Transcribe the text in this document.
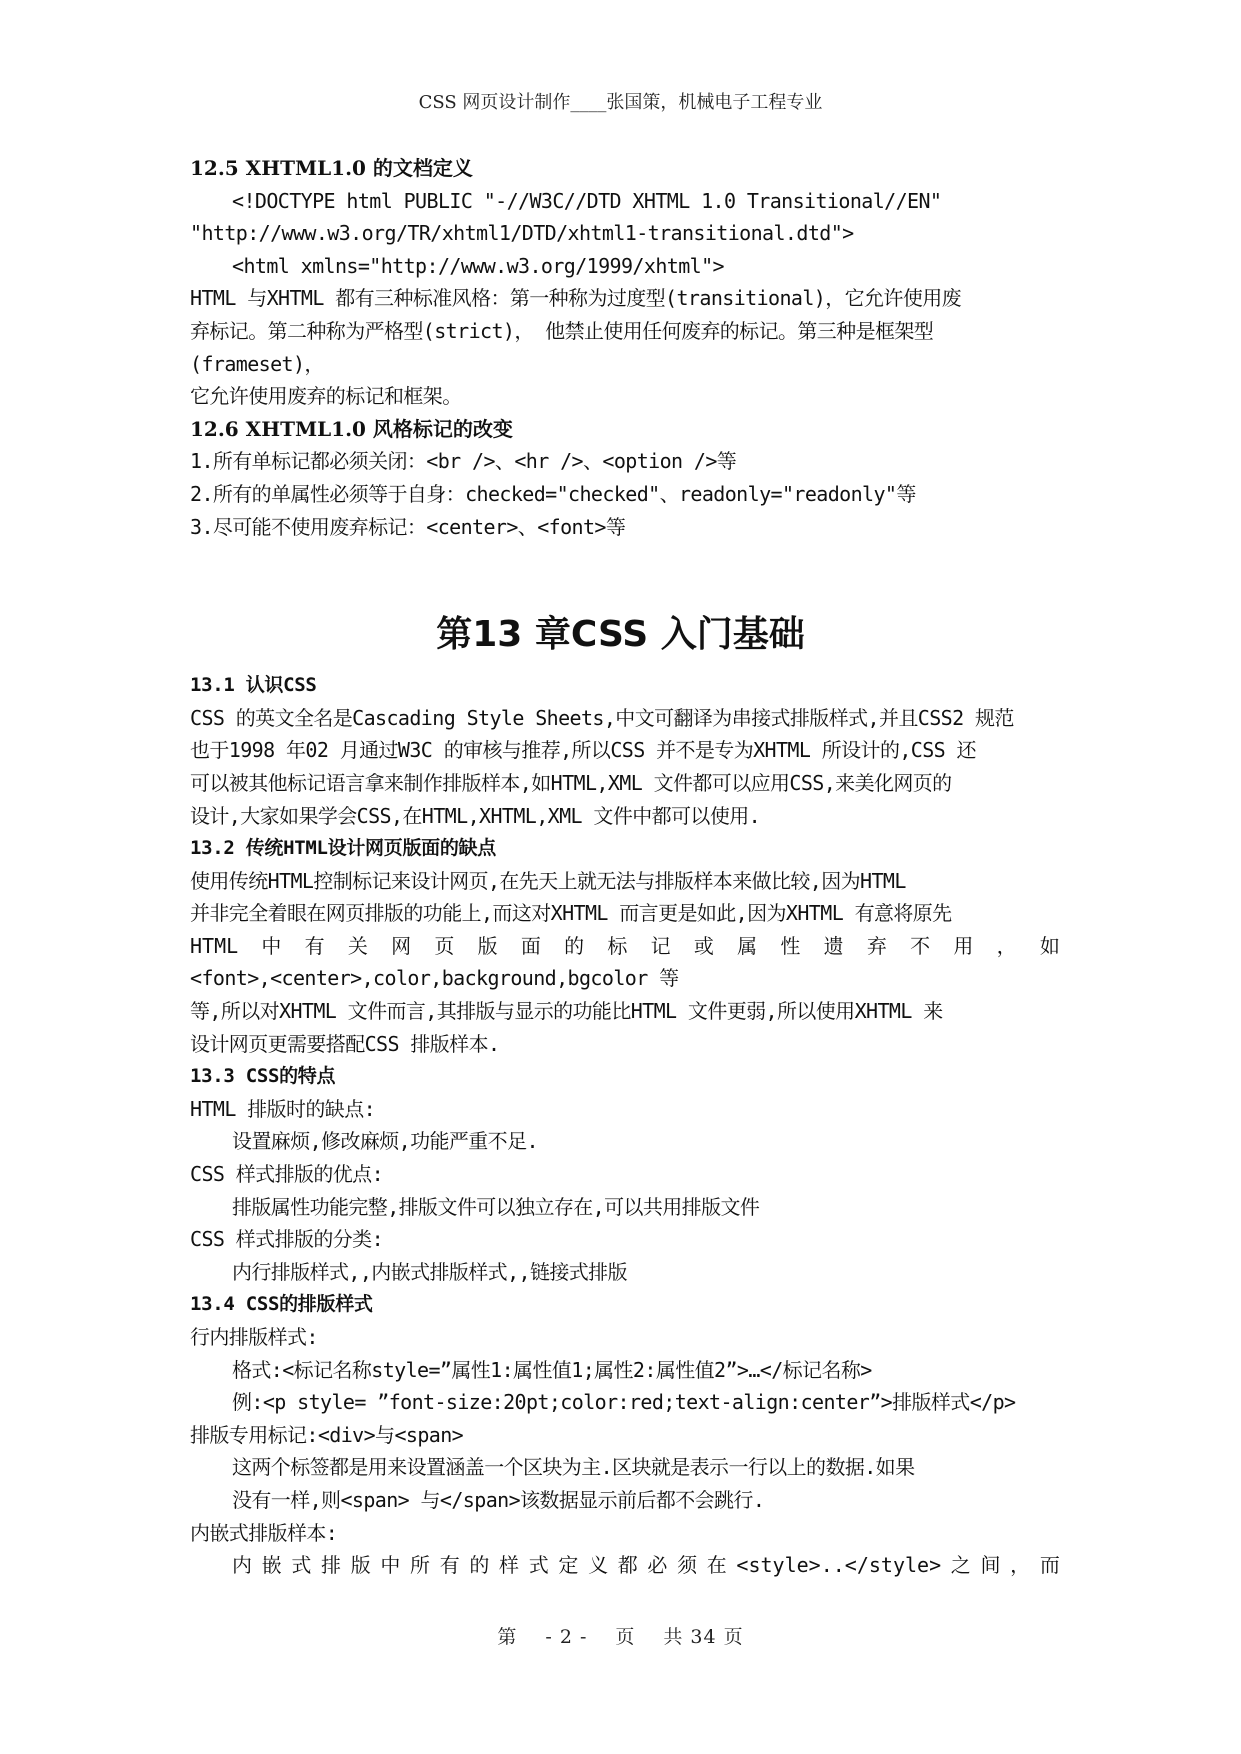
CSS 网页设计制作____张国策，机械电子工程专业
12.5 XHTML1.0 的文档定义
<!DOCTYPE html PUBLIC "-//W3C//DTD XHTML 1.0 Transitional//EN"
"http://www.w3.org/TR/xhtml1/DTD/xhtml1-transitional.dtd">
<html xmlns="http://www.w3.org/1999/xhtml">
HTML 与XHTML 都有三种标准风格：第一种称为过度型(transitional)，它允许使用废
弃标记。第二种称为严格型(strict)， 他禁止使用任何废弃的标记。第三种是框架型
(frameset)，
它允许使用废弃的标记和框架。
12.6 XHTML1.0 风格标记的改变
1.所有单标记都必须关闭：<br />、<hr />、<option />等
2.所有的单属性必须等于自身：checked="checked"、readonly="readonly"等
3.尽可能不使用废弃标记：<center>、<font>等
第13 章CSS 入门基础
13.1 认识CSS
CSS 的英文全名是Cascading Style Sheets,中文可翻译为串接式排版样式,并且CSS2 规范
也于1998 年02 月通过W3C 的审核与推荐,所以CSS 并不是专为XHTML 所设计的,CSS 还
可以被其他标记语言拿来制作排版样本,如HTML,XML 文件都可以应用CSS,来美化网页的
设计,大家如果学会CSS,在HTML,XHTML,XML 文件中都可以使用.
13.2 传统HTML设计网页版面的缺点
使用传统HTML控制标记来设计网页,在先天上就无法与排版样本来做比较,因为HTML
并非完全着眼在网页排版的功能上,而这对XHTML 而言更是如此,因为XHTML 有意将原先
HTML 中 有 关 网 页 版 面 的 标 记 或 属 性 遗 弃 不 用 ， 如
<font>,<center>,color,background,bgcolor 等
等,所以对XHTML 文件而言,其排版与显示的功能比HTML 文件更弱,所以使用XHTML 来
设计网页更需要搭配CSS 排版样本.
13.3 CSS的特点
HTML 排版时的缺点:
设置麻烦,修改麻烦,功能严重不足.
CSS 样式排版的优点:
排版属性功能完整,排版文件可以独立存在,可以共用排版文件
CSS 样式排版的分类:
内行排版样式,,内嵌式排版样式,,链接式排版
13.4 CSS的排版样式
行内排版样式:
格式:<标记名称style=”属性1:属性值1;属性2:属性值2”>…</标记名称>
例:<p style= ”font-size:20pt;color:red;text-align:center”>排版样式</p>
排版专用标记:<div>与<span>
这两个标签都是用来设置涵盖一个区块为主.区块就是表示一行以上的数据.如果
没有一样,则<span> 与</span>该数据显示前后都不会跳行.
内嵌式排版样本:
内 嵌 式 排 版 中 所 有 的 样 式 定 义 都 必 须 在 <style>..</style> 之 间 ， 而
第 - 2 - 页 共 34 页
